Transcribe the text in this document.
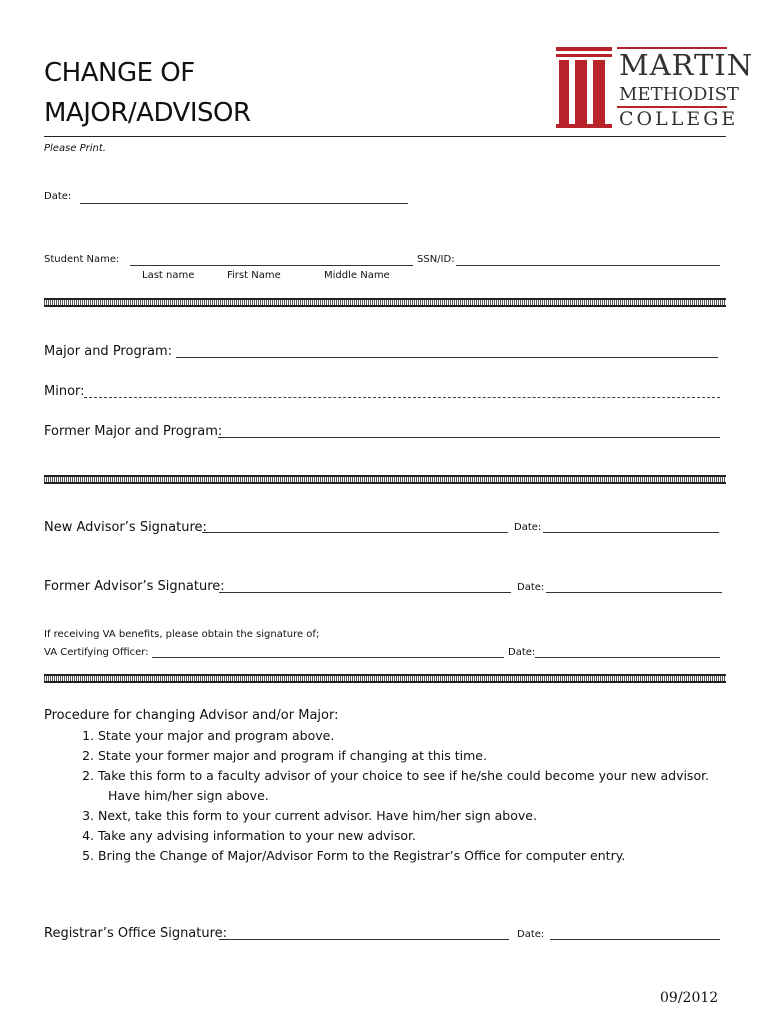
CHANGE OF
MAJOR/ADVISOR
MARTIN
METHODIST
COLLEGE
Please Print.
Date:
Student Name:	SSN/ID:
Last name	First Name	Middle Name
Major and Program:
Minor:
Former Major and Program:
New Advisor’s Signature:	Date:
Former Advisor’s Signature:	Date:
If receiving VA benefits, please obtain the signature of;
VA Certifying Officer:	Date:
Procedure for changing Advisor and/or Major:
1. State your major and program above.
2. State your former major and program if changing at this time.
2. Take this form to a faculty advisor of your choice to see if he/she could become your new advisor.
Have him/her sign above.
3. Next, take this form to your current advisor. Have him/her sign above.
4. Take any advising information to your new advisor.
5. Bring the Change of Major/Advisor Form to the Registrar’s Office for computer entry.
Registrar’s Office Signature:	Date:
09/2012
